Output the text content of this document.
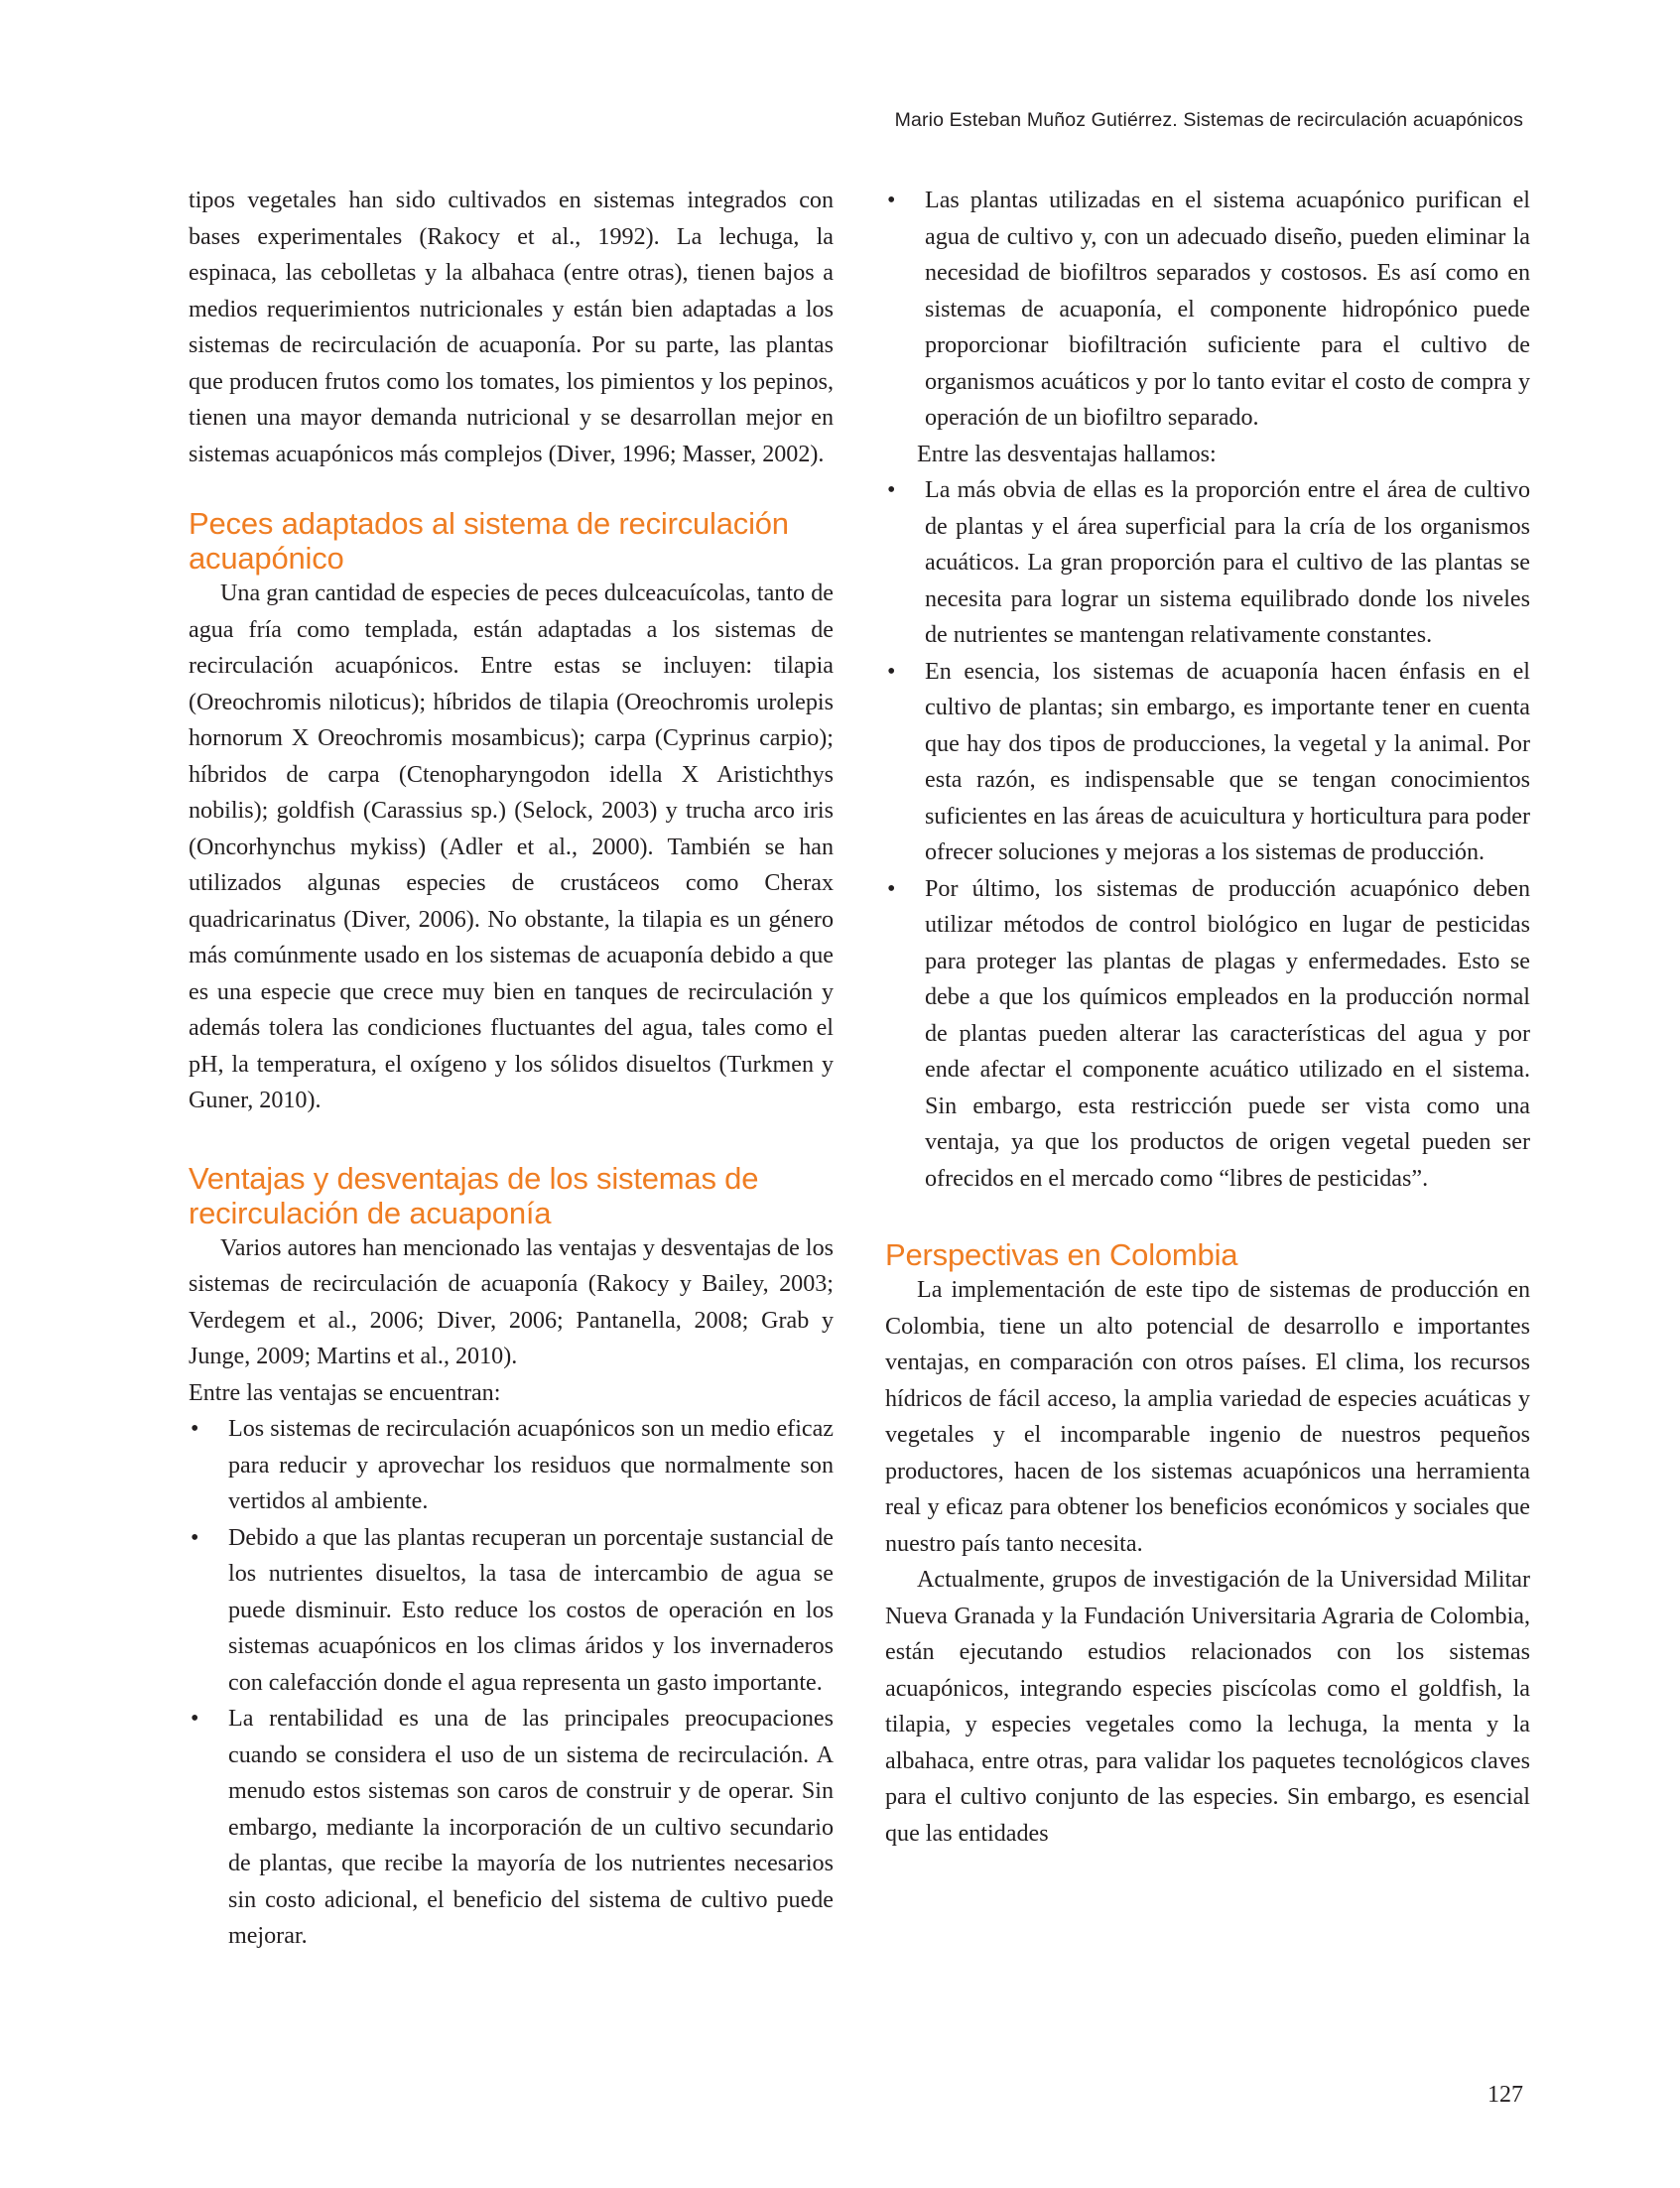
Mario Esteban Muñoz Gutiérrez. Sistemas de recirculación acuapónicos

tipos vegetales han sido cultivados en sistemas integrados con bases experimentales (Rakocy et al., 1992). La lechuga, la espinaca, las cebolletas y la albahaca (entre otras), tienen bajos a medios requerimientos nutricionales y están bien adaptadas a los sistemas de recirculación de acuaponía. Por su parte, las plantas que producen frutos como los tomates, los pimientos y los pepinos, tienen una mayor demanda nutricional y se desarrollan mejor en sistemas acuapónicos más complejos (Diver, 1996; Masser, 2002).

Peces adaptados al sistema de recirculación acuapónico

Una gran cantidad de especies de peces dulceacuícolas, tanto de agua fría como templada, están adaptadas a los sistemas de recirculación acuapónicos. Entre estas se incluyen: tilapia (Oreochromis niloticus); híbridos de tilapia (Oreochromis urolepis hornorum X Oreochromis mosambicus); carpa (Cyprinus carpio); híbridos de carpa (Ctenopharyngodon idella X Aristichthys nobilis); goldfish (Carassius sp.) (Selock, 2003) y trucha arco iris (Oncorhynchus mykiss) (Adler et al., 2000). También se han utilizados algunas especies de crustáceos como Cherax quadricarinatus (Diver, 2006). No obstante, la tilapia es un género más comúnmente usado en los sistemas de acuaponía debido a que es una especie que crece muy bien en tanques de recirculación y además tolera las condiciones fluctuantes del agua, tales como el pH, la temperatura, el oxígeno y los sólidos disueltos (Turkmen y Guner, 2010).

Ventajas y desventajas de los sistemas de recirculación de acuaponía

Varios autores han mencionado las ventajas y desventajas de los sistemas de recirculación de acuaponía (Rakocy y Bailey, 2003; Verdegem et al., 2006; Diver, 2006; Pantanella, 2008; Grab y Junge, 2009; Martins et al., 2010).

Entre las ventajas se encuentran:

• Los sistemas de recirculación acuapónicos son un medio eficaz para reducir y aprovechar los residuos que normalmente son vertidos al ambiente.
• Debido a que las plantas recuperan un porcentaje sustancial de los nutrientes disueltos, la tasa de intercambio de agua se puede disminuir. Esto reduce los costos de operación en los sistemas acuapónicos en los climas áridos y los invernaderos con calefacción donde el agua representa un gasto importante.
• La rentabilidad es una de las principales preocupaciones cuando se considera el uso de un sistema de recirculación. A menudo estos sistemas son caros de construir y de operar. Sin embargo, mediante la incorporación de un cultivo secundario de plantas, que recibe la mayoría de los nutrientes necesarios sin costo adicional, el beneficio del sistema de cultivo puede mejorar.
• Las plantas utilizadas en el sistema acuapónico purifican el agua de cultivo y, con un adecuado diseño, pueden eliminar la necesidad de biofiltros separados y costosos. Es así como en sistemas de acuaponía, el componente hidropónico puede proporcionar biofiltración suficiente para el cultivo de organismos acuáticos y por lo tanto evitar el costo de compra y operación de un biofiltro separado.

Entre las desventajas hallamos:

• La más obvia de ellas es la proporción entre el área de cultivo de plantas y el área superficial para la cría de los organismos acuáticos. La gran proporción para el cultivo de las plantas se necesita para lograr un sistema equilibrado donde los niveles de nutrientes se mantengan relativamente constantes.
• En esencia, los sistemas de acuaponía hacen énfasis en el cultivo de plantas; sin embargo, es importante tener en cuenta que hay dos tipos de producciones, la vegetal y la animal. Por esta razón, es indispensable que se tengan conocimientos suficientes en las áreas de acuicultura y horticultura para poder ofrecer soluciones y mejoras a los sistemas de producción.
• Por último, los sistemas de producción acuapónico deben utilizar métodos de control biológico en lugar de pesticidas para proteger las plantas de plagas y enfermedades. Esto se debe a que los químicos empleados en la producción normal de plantas pueden alterar las características del agua y por ende afectar el componente acuático utilizado en el sistema. Sin embargo, esta restricción puede ser vista como una ventaja, ya que los productos de origen vegetal pueden ser ofrecidos en el mercado como “libres de pesticidas”.
Perspectivas en Colombia

La implementación de este tipo de sistemas de producción en Colombia, tiene un alto potencial de desarrollo e importantes ventajas, en comparación con otros países. El clima, los recursos hídricos de fácil acceso, la amplia variedad de especies acuáticas y vegetales y el incomparable ingenio de nuestros pequeños productores, hacen de los sistemas acuapónicos una herramienta real y eficaz para obtener los beneficios económicos y sociales que nuestro país tanto necesita.

Actualmente, grupos de investigación de la Universidad Militar Nueva Granada y la Fundación Universitaria Agraria de Colombia, están ejecutando estudios relacionados con los sistemas acuapónicos, integrando especies piscícolas como el goldfish, la tilapia, y especies vegetales como la lechuga, la menta y la albahaca, entre otras, para validar los paquetes tecnológicos claves para el cultivo conjunto de las especies. Sin embargo, es esencial que las entidades

127
